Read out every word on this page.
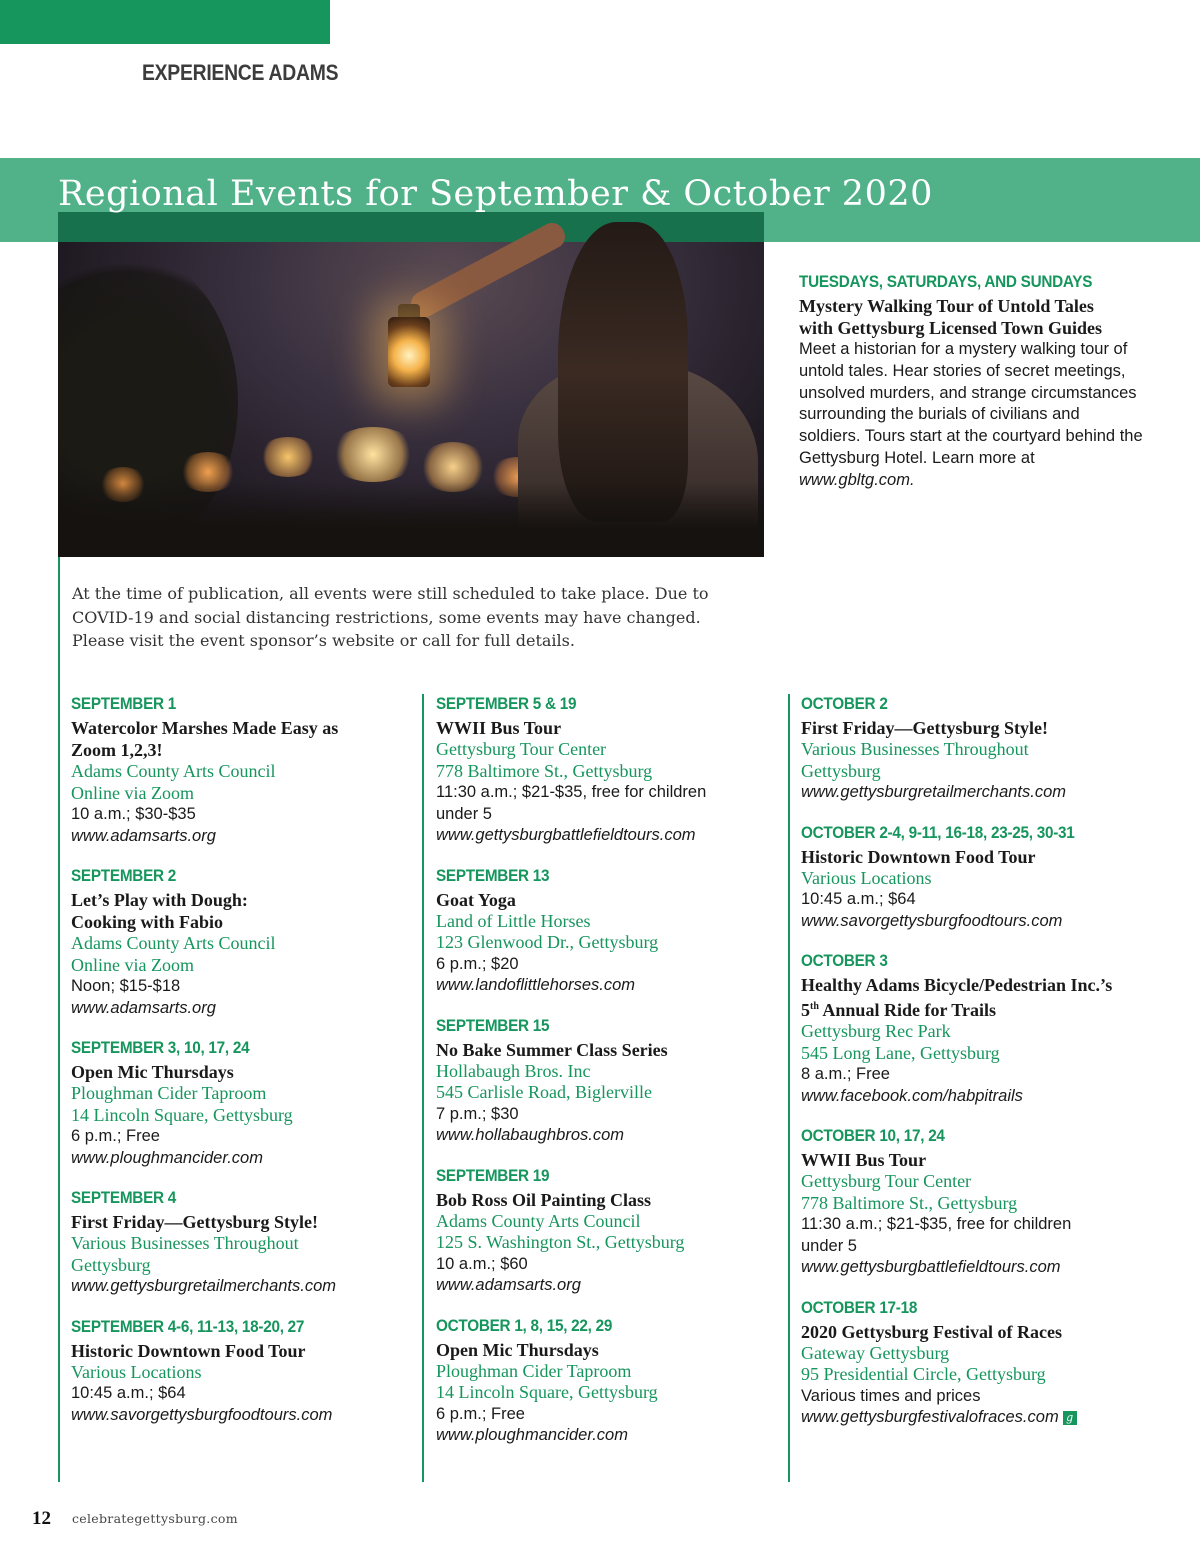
EXPERIENCE ADAMS
Regional Events for September & October 2020
TUESDAYS, SATURDAYS, AND SUNDAYS
Mystery Walking Tour of Untold Tales
with Gettysburg Licensed Town Guides
Meet a historian for a mystery walking tour of untold tales. Hear stories of secret meetings, unsolved murders, and strange circumstances surrounding the burials of civilians and soldiers. Tours start at the courtyard behind the Gettysburg Hotel. Learn more at www.gbltg.com.
At the time of publication, all events were still scheduled to take place. Due to COVID-19 and social distancing restrictions, some events may have changed. Please visit the event sponsor’s website or call for full details.
SEPTEMBER 1
Watercolor Marshes Made Easy as Zoom 1,2,3!
Adams County Arts Council
Online via Zoom
10 a.m.; $30-$35
www.adamsarts.org
SEPTEMBER 2
Let’s Play with Dough: Cooking with Fabio
Adams County Arts Council
Online via Zoom
Noon; $15-$18
www.adamsarts.org
SEPTEMBER 3, 10, 17, 24
Open Mic Thursdays
Ploughman Cider Taproom
14 Lincoln Square, Gettysburg
6 p.m.; Free
www.ploughmancider.com
SEPTEMBER 4
First Friday—Gettysburg Style!
Various Businesses Throughout Gettysburg
www.gettysburgretailmerchants.com
SEPTEMBER 4-6, 11-13, 18-20, 27
Historic Downtown Food Tour
Various Locations
10:45 a.m.; $64
www.savorgettysburgfoodtours.com
SEPTEMBER 5 & 19
WWII Bus Tour
Gettysburg Tour Center
778 Baltimore St., Gettysburg
11:30 a.m.; $21-$35, free for children under 5
www.gettysburgbattlefieldtours.com
SEPTEMBER 13
Goat Yoga
Land of Little Horses
123 Glenwood Dr., Gettysburg
6 p.m.; $20
www.landoflittlehorses.com
SEPTEMBER 15
No Bake Summer Class Series
Hollabaugh Bros. Inc
545 Carlisle Road, Biglerville
7 p.m.; $30
www.hollabaughbros.com
SEPTEMBER 19
Bob Ross Oil Painting Class
Adams County Arts Council
125 S. Washington St., Gettysburg
10 a.m.; $60
www.adamsarts.org
OCTOBER 1, 8, 15, 22, 29
Open Mic Thursdays
Ploughman Cider Taproom
14 Lincoln Square, Gettysburg
6 p.m.; Free
www.ploughmancider.com
OCTOBER 2
First Friday—Gettysburg Style!
Various Businesses Throughout Gettysburg
www.gettysburgretailmerchants.com
OCTOBER 2-4, 9-11, 16-18, 23-25, 30-31
Historic Downtown Food Tour
Various Locations
10:45 a.m.; $64
www.savorgettysburgfoodtours.com
OCTOBER 3
Healthy Adams Bicycle/Pedestrian Inc.’s
5th Annual Ride for Trails
Gettysburg Rec Park
545 Long Lane, Gettysburg
8 a.m.; Free
www.facebook.com/habpitrails
OCTOBER 10, 17, 24
WWII Bus Tour
Gettysburg Tour Center
778 Baltimore St., Gettysburg
11:30 a.m.; $21-$35, free for children under 5
www.gettysburgbattlefieldtours.com
OCTOBER 17-18
2020 Gettysburg Festival of Races
Gateway Gettysburg
95 Presidential Circle, Gettysburg
Various times and prices
www.gettysburgfestivalofraces.com g
12 celebrategettysburg.com
